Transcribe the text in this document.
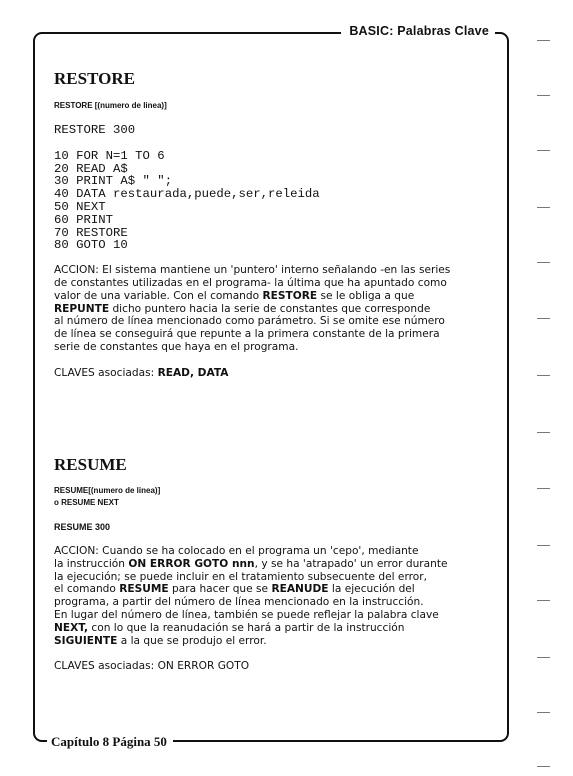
BASIC: Palabras Clave
RESTORE

RESTORE [(numero de linea)]

RESTORE 300

10 FOR N=1 TO 6

20 READ A$

30 PRINT A$ " ";

40 DATA restaurada,puede,ser,releida

50 NEXT

60 PRINT

70 RESTORE

80 GOTO 10

ACCION: El sistema mantiene un 'puntero' interno señalando -en las series

de constantes utilizadas en el programa- la última que ha apuntado como

valor de una variable. Con el comando RESTORE se le obliga a que

REPUNTE dicho puntero hacia la serie de constantes que corresponde

al número de línea mencionado como parámetro. Si se omite ese número

de línea se conseguirá que repunte a la primera constante de la primera

serie de constantes que haya en el programa.

CLAVES asociadas: READ, DATA

RESUME

RESUME[(numero de linea)]

o RESUME NEXT

RESUME 300

ACCION: Cuando se ha colocado en el programa un 'cepo', mediante

la instrucción ON ERROR GOTO nnn, y se ha 'atrapado' un error durante

la ejecución; se puede incluir en el tratamiento subsecuente del error,

el comando RESUME para hacer que se REANUDE la ejecución del

programa, a partir del número de línea mencionado en la instrucción.

En lugar del número de línea, también se puede reflejar la palabra clave

NEXT, con lo que la reanudación se hará a partir de la instrucción

SIGUIENTE a la que se produjo el error.

CLAVES asociadas: ON ERROR GOTO

Capítulo 8 Página 50
